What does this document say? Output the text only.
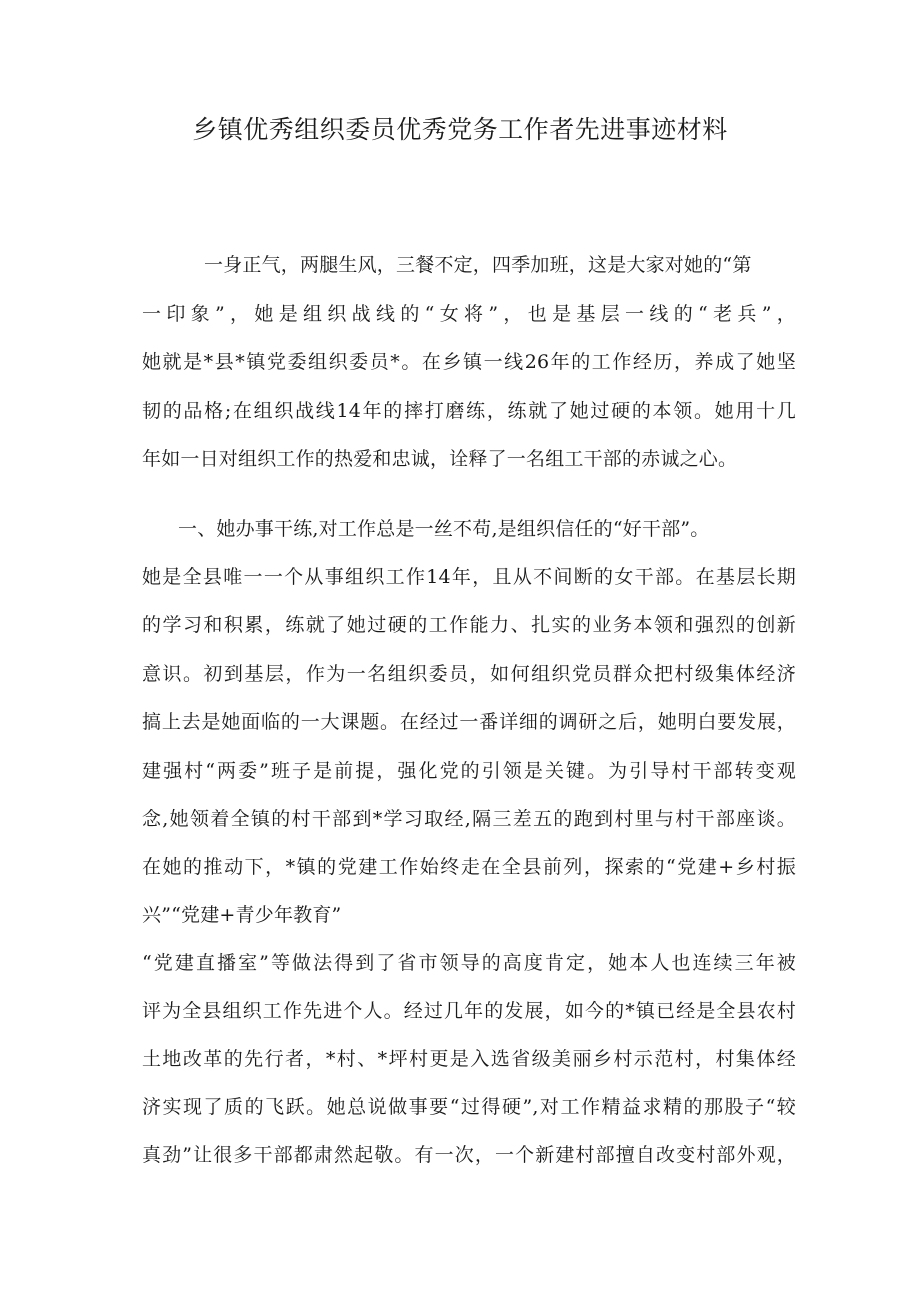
乡镇优秀组织委员优秀党务工作者先进事迹材料

一身正气，两腿生风，三餐不定，四季加班，这是大家对她的“第

一印象”，她是组织战线的“女将”，也是基层一线的“老兵”，

她就是*县*镇党委组织委员*。在乡镇一线26年的工作经历，养成了她坚

韧的品格;在组织战线14年的摔打磨练，练就了她过硬的本领。她用十几

年如一日对组织工作的热爱和忠诚，诠释了一名组工干部的赤诚之心。

一、她办事干练,对工作总是一丝不苟,是组织信任的“好干部”。

她是全县唯一一个从事组织工作14年，且从不间断的女干部。在基层长期

的学习和积累，练就了她过硬的工作能力、扎实的业务本领和强烈的创新

意识。初到基层，作为一名组织委员，如何组织党员群众把村级集体经济

搞上去是她面临的一大课题。在经过一番详细的调研之后，她明白要发展，

建强村“两委”班子是前提，强化党的引领是关键。为引导村干部转变观

念,她领着全镇的村干部到*学习取经,隔三差五的跑到村里与村干部座谈。

在她的推动下，*镇的党建工作始终走在全县前列，探索的“党建+乡村振

兴”“党建+青少年教育”

“党建直播室”等做法得到了省市领导的高度肯定，她本人也连续三年被

评为全县组织工作先进个人。经过几年的发展，如今的*镇已经是全县农村

土地改革的先行者，*村、*坪村更是入选省级美丽乡村示范村，村集体经

济实现了质的飞跃。她总说做事要“过得硬”,对工作精益求精的那股子“较

真劲”让很多干部都肃然起敬。有一次，一个新建村部擅自改变村部外观，
